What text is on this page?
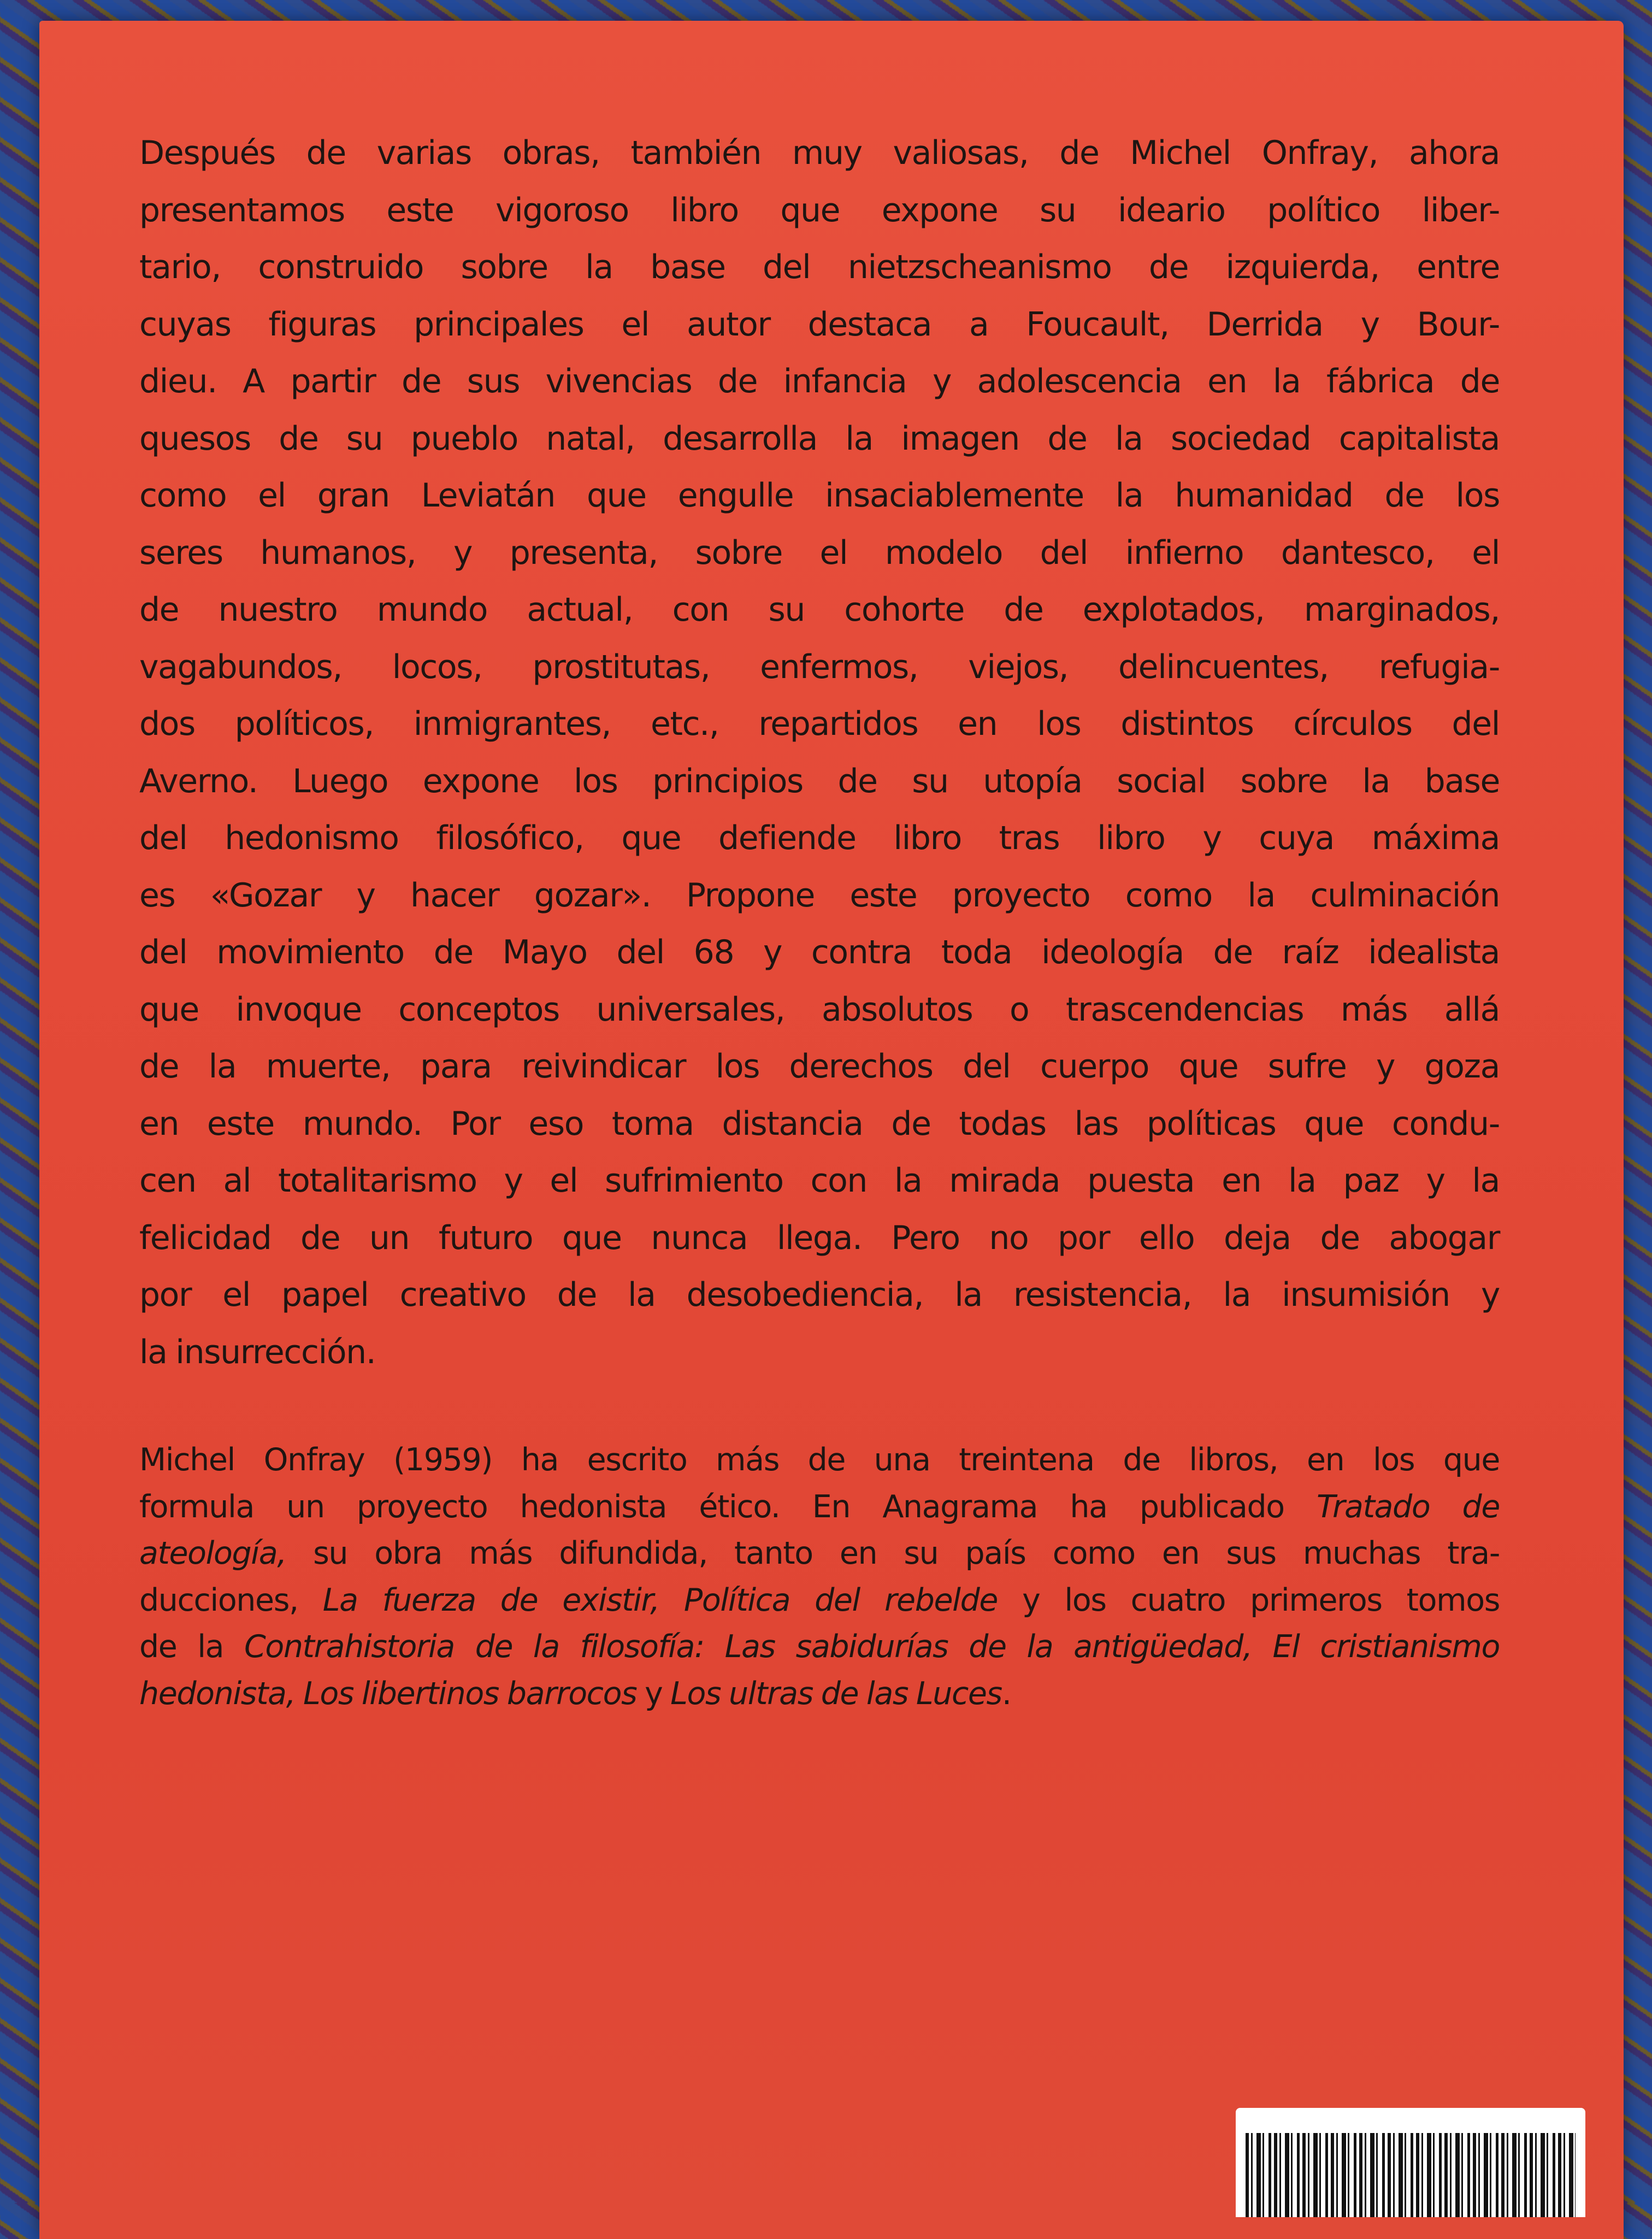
Después de varias obras, también muy valiosas, de Michel Onfray, ahora
presentamos este vigoroso libro que expone su ideario político liber-
tario, construido sobre la base del nietzscheanismo de izquierda, entre
cuyas figuras principales el autor destaca a Foucault, Derrida y Bour-
dieu. A partir de sus vivencias de infancia y adolescencia en la fábrica de
quesos de su pueblo natal, desarrolla la imagen de la sociedad capitalista
como el gran Leviatán que engulle insaciablemente la humanidad de los
seres humanos, y presenta, sobre el modelo del infierno dantesco, el
de nuestro mundo actual, con su cohorte de explotados, marginados,
vagabundos, locos, prostitutas, enfermos, viejos, delincuentes, refugia-
dos políticos, inmigrantes, etc., repartidos en los distintos círculos del
Averno. Luego expone los principios de su utopía social sobre la base
del hedonismo filosófico, que defiende libro tras libro y cuya máxima
es «Gozar y hacer gozar». Propone este proyecto como la culminación
del movimiento de Mayo del 68 y contra toda ideología de raíz idealista
que invoque conceptos universales, absolutos o trascendencias más allá
de la muerte, para reivindicar los derechos del cuerpo que sufre y goza
en este mundo. Por eso toma distancia de todas las políticas que condu-
cen al totalitarismo y el sufrimiento con la mirada puesta en la paz y la
felicidad de un futuro que nunca llega. Pero no por ello deja de abogar
por el papel creativo de la desobediencia, la resistencia, la insumisión y
la insurrección.
Michel Onfray (1959) ha escrito más de una treintena de libros, en los que
formula un proyecto hedonista ético. En Anagrama ha publicado Tratado de
ateología, su obra más difundida, tanto en su país como en sus muchas tra-
ducciones, La fuerza de existir, Política del rebelde y los cuatro primeros tomos
de la Contrahistoria de la filosofía: Las sabidurías de la antigüedad, El cristianismo
hedonista, Los libertinos barrocos y Los ultras de las Luces.
